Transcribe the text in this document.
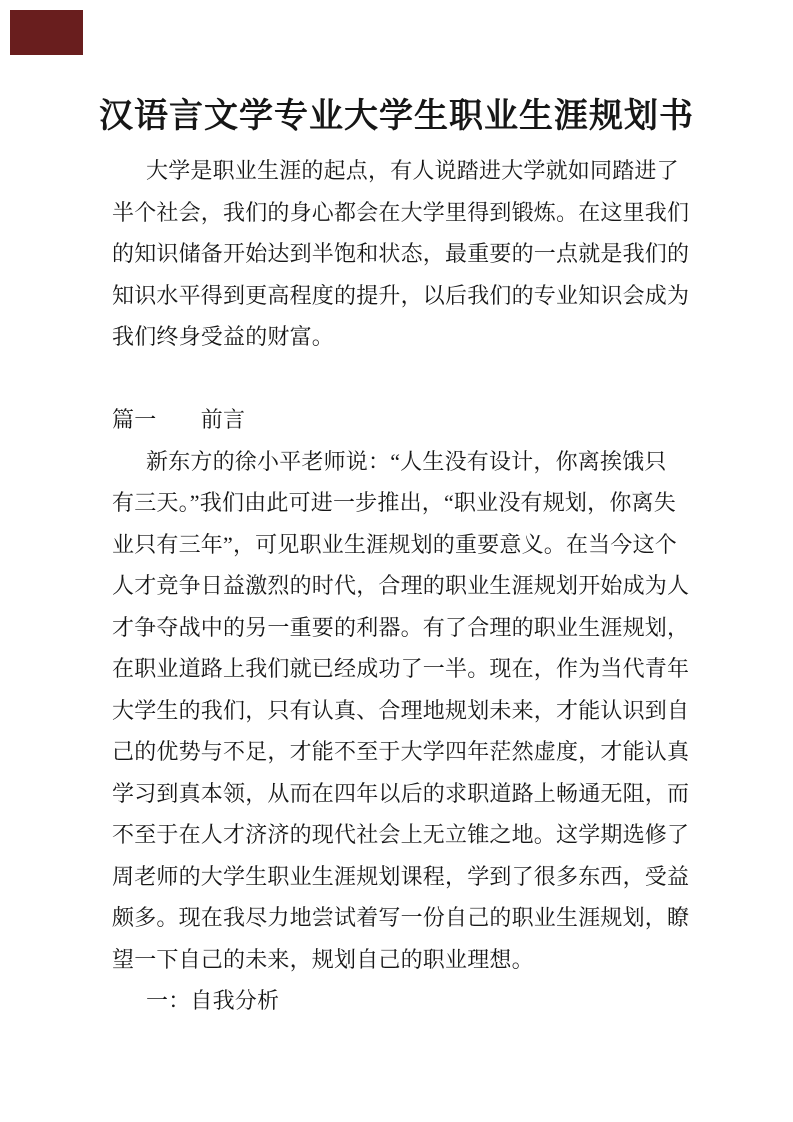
汉语言文学专业大学生职业生涯规划书
大学是职业生涯的起点，有人说踏进大学就如同踏进了
半个社会，我们的身心都会在大学里得到锻炼。在这里我们
的知识储备开始达到半饱和状态，最重要的一点就是我们的
知识水平得到更高程度的提升，以后我们的专业知识会成为
我们终身受益的财富。
篇一　　前言
新东方的徐小平老师说：“人生没有设计，你离挨饿只
有三天。”我们由此可进一步推出，“职业没有规划，你离失
业只有三年”，可见职业生涯规划的重要意义。在当今这个
人才竞争日益激烈的时代，合理的职业生涯规划开始成为人
才争夺战中的另一重要的利器。有了合理的职业生涯规划，
在职业道路上我们就已经成功了一半。现在，作为当代青年
大学生的我们，只有认真、合理地规划未来，才能认识到自
己的优势与不足，才能不至于大学四年茫然虚度，才能认真
学习到真本领，从而在四年以后的求职道路上畅通无阻，而
不至于在人才济济的现代社会上无立锥之地。这学期选修了
周老师的大学生职业生涯规划课程，学到了很多东西，受益
颇多。现在我尽力地尝试着写一份自己的职业生涯规划，瞭
望一下自己的未来，规划自己的职业理想。
一：自我分析
